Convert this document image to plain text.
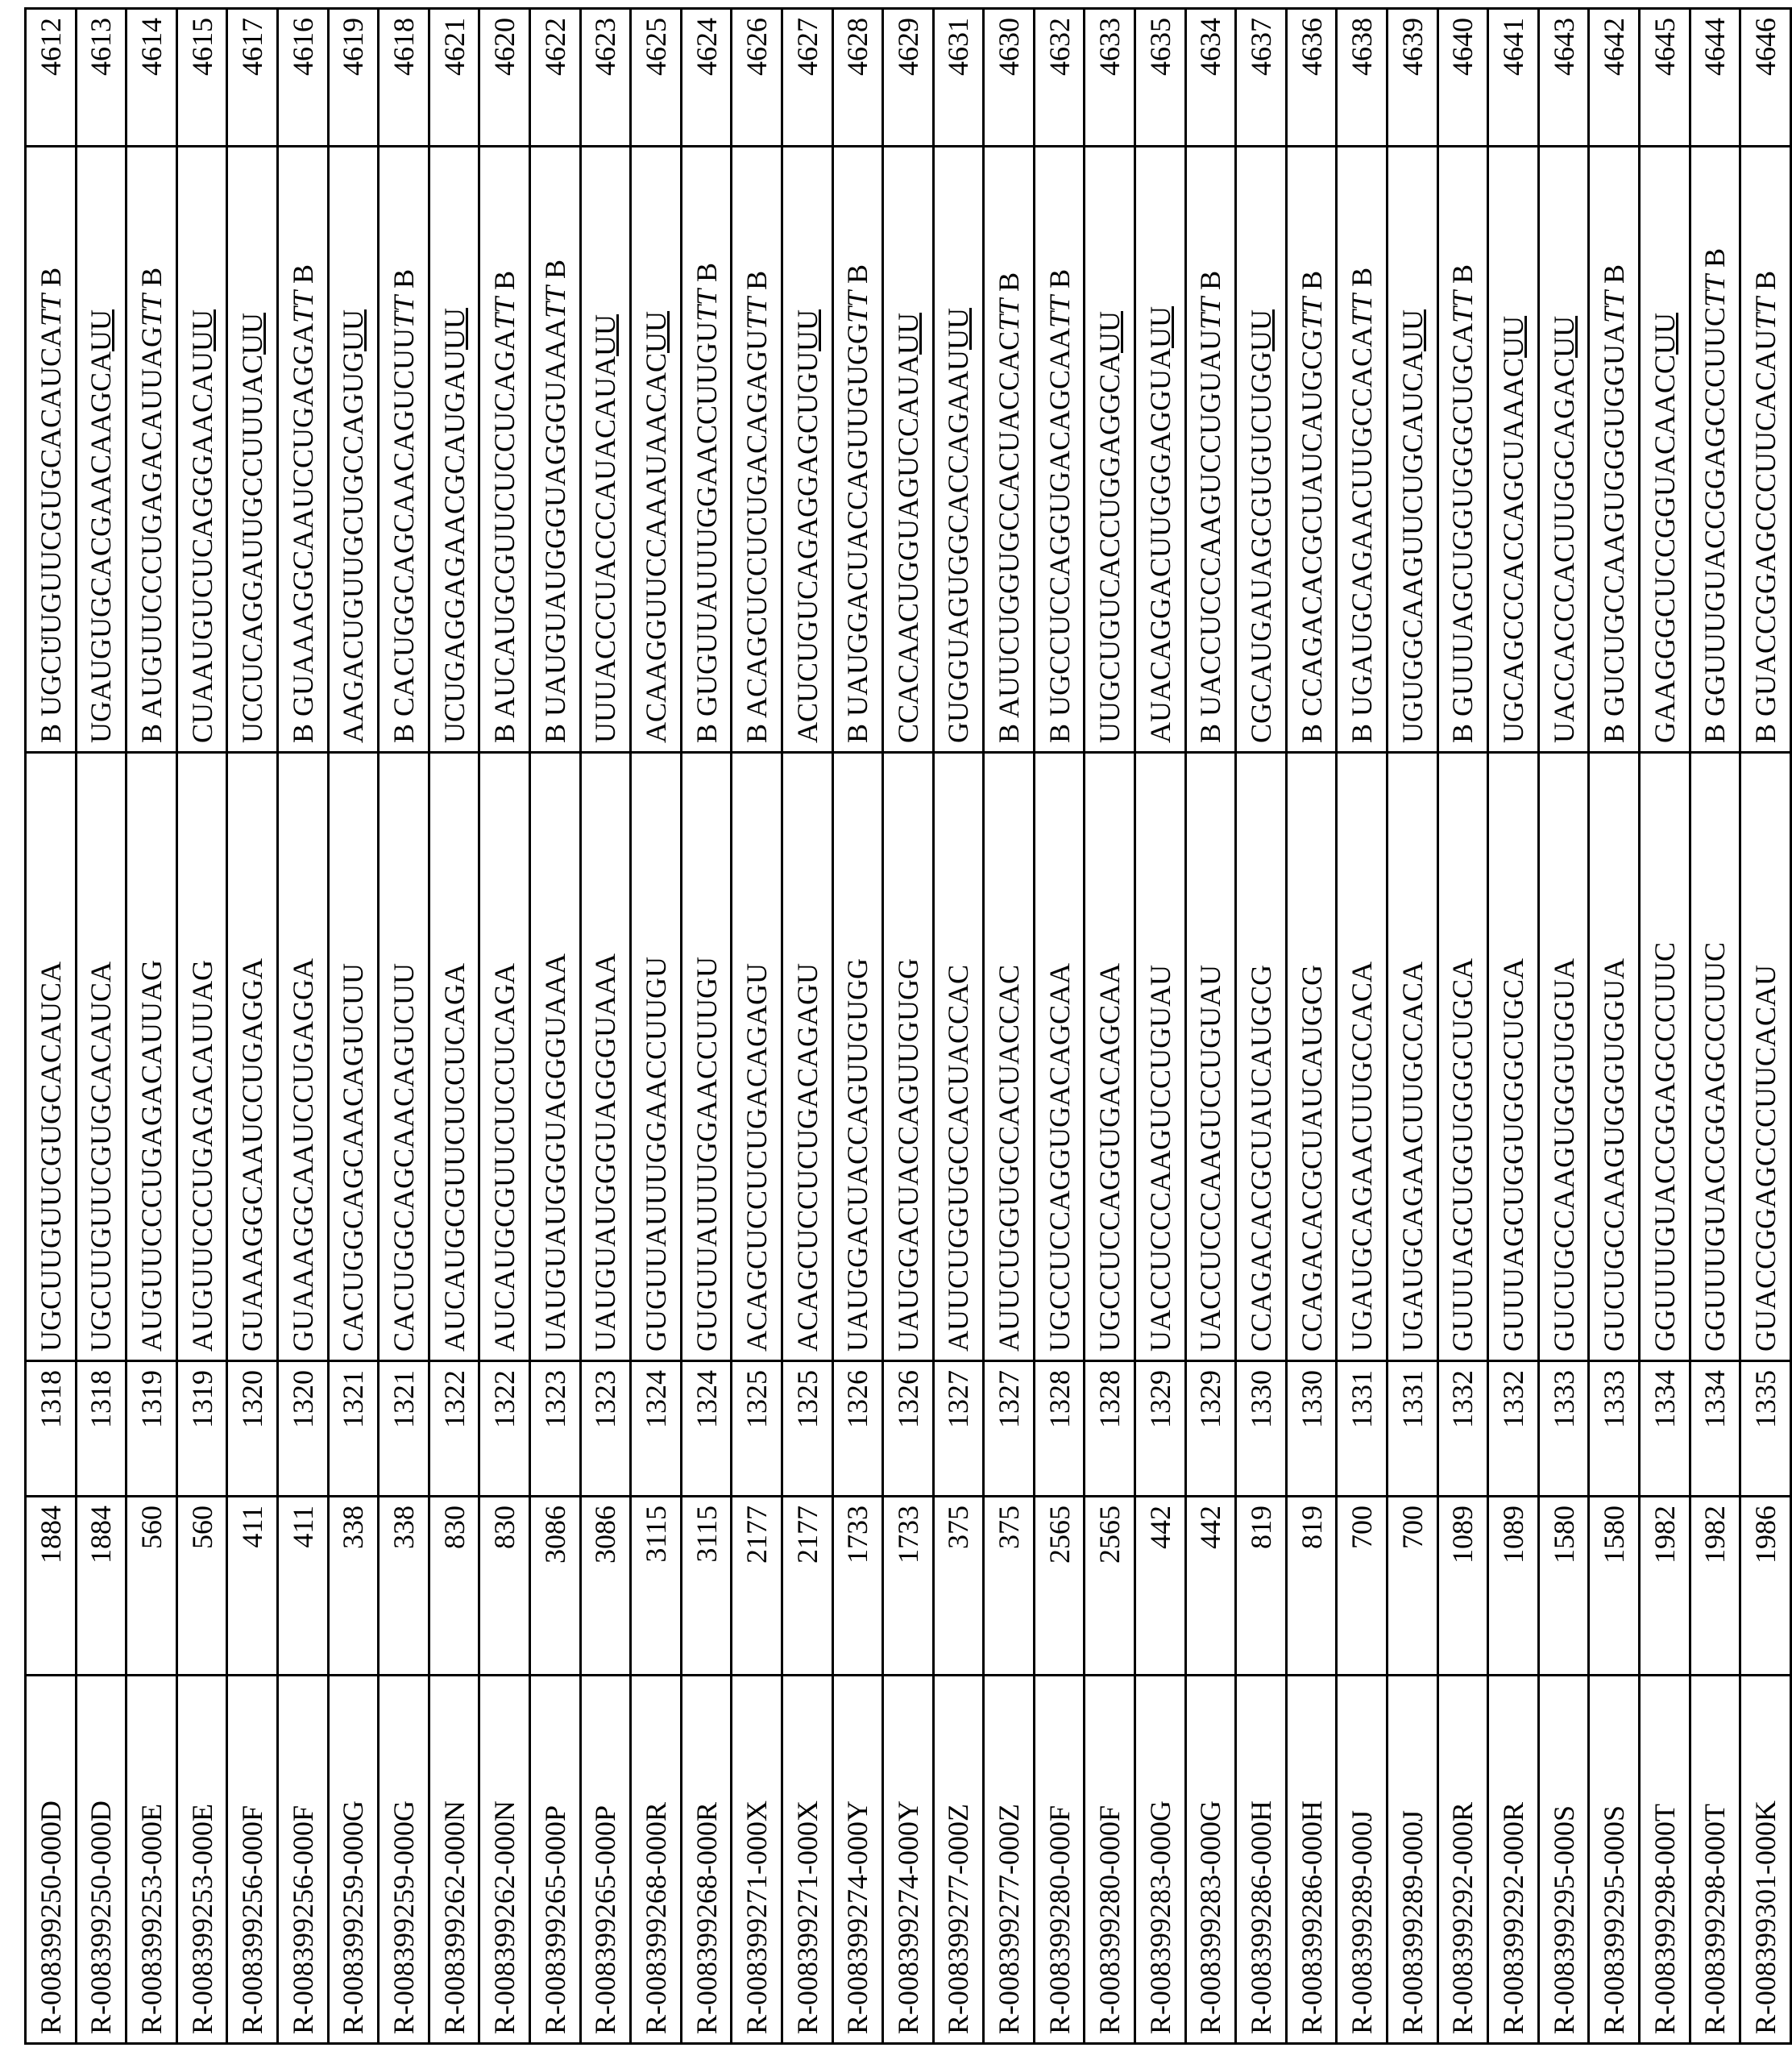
R-008399250-000D	1884	1318	UGCUUGUUCGUGCACAUCA	B UGCUUGUUCGUGCACAUCATT B	4612
R-008399250-000D	1884	1318	UGCUUGUUCGUGCACAUCA	UGAUGUGCACGAACAAGCAUU	4613
R-008399253-000E	560	1319	AUGUUCCCUGAGACAUUAG	B AUGUUCCCUGAGACAUUAGTT B	4614
R-008399253-000E	560	1319	AUGUUCCCUGAGACAUUAG	CUAAUGUCUCAGGGAACAUUU	4615
R-008399256-000F	411	1320	GUAAAGGCAAUCCUGAGGA	UCCUCAGGAUUGCCUUUACUU	4617
R-008399256-000F	411	1320	GUAAAGGCAAUCCUGAGGA	B GUAAAGGCAAUCCUGAGGATT B	4616
R-008399259-000G	338	1321	CACUGGCAGCAACAGUCUU	AAGACUGUUGCUGCCAGUGUU	4619
R-008399259-000G	338	1321	CACUGGCAGCAACAGUCUU	B CACUGGCAGCAACAGUCUUTT B	4618
R-008399262-000N	830	1322	AUCAUGCGUUCUCCUCAGA	UCUGAGGAGAACGCAUGAUUU	4621
R-008399262-000N	830	1322	AUCAUGCGUUCUCCUCAGA	B AUCAUGCGUUCUCCUCAGATT B	4620
R-008399265-000P	3086	1323	UAUGUAUGGGUAGGGUAAA	B UAUGUAUGGGUAGGGUAAATT B	4622
R-008399265-000P	3086	1323	UAUGUAUGGGUAGGGUAAA	UUUACCCUACCCAUACAUAUU	4623
R-008399268-000R	3115	1324	GUGUUAUUUGGAACCUUGU	ACAAGGUUCCAAAUAACACUU	4625
R-008399268-000R	3115	1324	GUGUUAUUUGGAACCUUGU	B GUGUUAUUUGGAACCUUGUTT B	4624
R-008399271-000X	2177	1325	ACAGCUCCUCUGACAGAGU	B ACAGCUCCUCUGACAGAGUTT B	4626
R-008399271-000X	2177	1325	ACAGCUCCUCUGACAGAGU	ACUCUGUCAGAGGAGCUGUUU	4627
R-008399274-000Y	1733	1326	UAUGGACUACCAGUUGUGG	B UAUGGACUACCAGUUGUGGTT B	4628
R-008399274-000Y	1733	1326	UAUGGACUACCAGUUGUGG	CCACAACUGGUAGUCCAUAUU	4629
R-008399277-000Z	375	1327	AUUCUGGUGCCACUACCAC	GUGGUAGUGGCACCAGAAUUU	4631
R-008399277-000Z	375	1327	AUUCUGGUGCCACUACCAC	B AUUCUGGUGCCACUACCACTT B	4630
R-008399280-000F	2565	1328	UGCCUCCAGGUGACAGCAA	B UGCCUCCAGGUGACAGCAATT B	4632
R-008399280-000F	2565	1328	UGCCUCCAGGUGACAGCAA	UUGCUGUCACCUGGAGGCAUU	4633
R-008399283-000G	442	1329	UACCUCCCAAGUCCUGUAU	AUACAGGACUUGGGAGGUAUU	4635
R-008399283-000G	442	1329	UACCUCCCAAGUCCUGUAU	B UACCUCCCAAGUCCUGUAUTT B	4634
R-008399286-000H	819	1330	CCAGACACGCUAUCAUGCG	CGCAUGAUAGCGUGUCUGGUU	4637
R-008399286-000H	819	1330	CCAGACACGCUAUCAUGCG	B CCAGACACGCUAUCAUGCGTT B	4636
R-008399289-000J	700	1331	UGAUGCAGAACUUGCCACA	B UGAUGCAGAACUUGCCACATT B	4638
R-008399289-000J	700	1331	UGAUGCAGAACUUGCCACA	UGUGGCAAGUUCUGCAUCAUU	4639
R-008399292-000R	1089	1332	GUUUAGCUGGUGGGCUGCA	B GUUUAGCUGGUGGGCUGCATT B	4640
R-008399292-000R	1089	1332	GUUUAGCUGGUGGGCUGCA	UGCAGCCCACCAGCUAAACUU	4641
R-008399295-000S	1580	1333	GUCUGCCAAGUGGGUGGUA	UACCACCCACUUGGCAGACUU	4643
R-008399295-000S	1580	1333	GUCUGCCAAGUGGGUGGUA	B GUCUGCCAAGUGGGUGGUATT B	4642
R-008399298-000T	1982	1334	GGUUUGUACCGGAGCCCUUC	GAAGGGCUCCGGUACAACCUU	4645
R-008399298-000T	1982	1334	GGUUUGUACCGGAGCCCUUC	B GGUUUGUACCGGAGCCCUUCTT B	4644
R-008399301-000K	1986	1335	GUACCGGAGCCCUUCACAU	B GUACCGGAGCCCUUCACAUTT B	4646
